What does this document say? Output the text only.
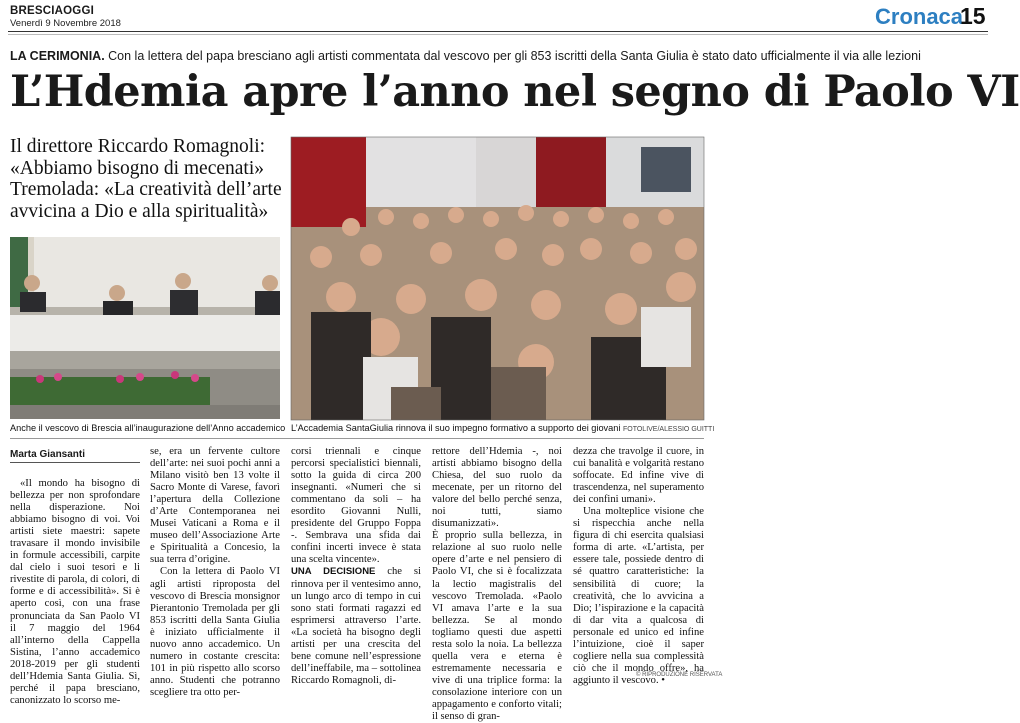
BRESCIAOGGI
Venerdì 9 Novembre 2018	Cronaca
15
LA CERIMONIA. Con la lettera del papa bresciano agli artisti commentata dal vescovo per gli 853 iscritti della Santa Giulia è stato dato ufficialmente il via alle lezioni
L’Hdemia apre l’anno nel segno di Paolo VI
Il direttore Riccardo Romagnoli:
«Abbiamo bisogno di mecenati»
Tremolada: «La creatività dell’arte
avvicina a Dio e alla spiritualità»
Anche il vescovo di Brescia all’inaugurazione dell’Anno accademico L’Accademia SantaGiulia rinnova il suo impegno formativo a supporto dei giovani FOTOLIVE/ALESSIO GUITTI
Marta Giansanti

«Il mondo ha bisogno di bellezza per non sprofondare nella disperazione. Noi abbiamo bisogno di voi. Voi artisti siete maestri: sapete travasare il mondo invisibile in formule accessibili, carpite dal cielo i suoi tesori e li rivestite di parola, di colori, di forme e di accessibilità». Si è aperto così, con una frase pronunciata da San Paolo VI il 7 maggio del 1964 all’interno della Cappella Sistina, l’anno accademico 2018-2019 per gli studenti dell’Hdemia Santa Giulia. Sì, perché il papa bresciano, canonizzato lo scorso me-

se, era un fervente cultore dell’arte: nei suoi pochi anni a Milano visitò ben 13 volte il Sacro Monte di Varese, favorì l’apertura della Collezione d’Arte Contemporanea nei Musei Vaticani a Roma e il museo dell’Associazione Arte e Spiritualità a Concesio, la sua terra d’origine.

Con la lettera di Paolo VI agli artisti riproposta del vescovo di Brescia monsignor Pierantonio Tremolada per gli 853 iscritti della Santa Giulia è iniziato ufficialmente il nuovo anno accademico. Un numero in costante crescita: 101 in più rispetto allo scorso anno. Studenti che potranno scegliere tra otto per-

corsi triennali e cinque percorsi specialistici biennali, sotto la guida di circa 200 insegnanti. «Numeri che si commentano da soli – ha esordito Giovanni Nulli, presidente del Gruppo Foppa -. Sembrava una sfida dai confini incerti invece è stata una scelta vincente».

UNA DECISIONE che si rinnova per il ventesimo anno, un lungo arco di tempo in cui sono stati formati ragazzi ed esprimersi attraverso l’arte. «La società ha bisogno degli artisti per una crescita del bene comune nell’espressione dell’ineffabile, ma – sottolinea Riccardo Romagnoli, di-

rettore dell’Hdemia -, noi artisti abbiamo bisogno della Chiesa, del suo ruolo da mecenate, per un ritorno del valore del bello perché senza, noi tutti, siamo disumanizzati».

È proprio sulla bellezza, in relazione al suo ruolo nelle opere d’arte e nel pensiero di Paolo VI, che si è focalizzata la lectio magistralis del vescovo Tremolada. «Paolo VI amava l’arte e la sua bellezza. Se al mondo togliamo questi due aspetti resta solo la noia. La bellezza quella vera e eterna è estremamente necessaria e vive di una triplice forma: la consolazione interiore con un appagamento e conforto vitali; il senso di gran-

dezza che travolge il cuore, in cui banalità e volgarità restano soffocate. Ed infine vive di trascendenza, nel superamento dei confini umani».

Una molteplice visione che si rispecchia anche nella figura di chi esercita qualsiasi forma di arte. «L’artista, per essere tale, possiede dentro di sé quattro caratteristiche: la sensibilità di cuore; la creatività, che lo avvicina a Dio; l’ispirazione e la capacità di dar vita a qualcosa di personale ed unico ed infine l’intuizione, cioè il saper cogliere nella sua complessità ciò che il mondo offre», ha aggiunto il vescovo. •

© RIPRODUZIONE RISERVATA
